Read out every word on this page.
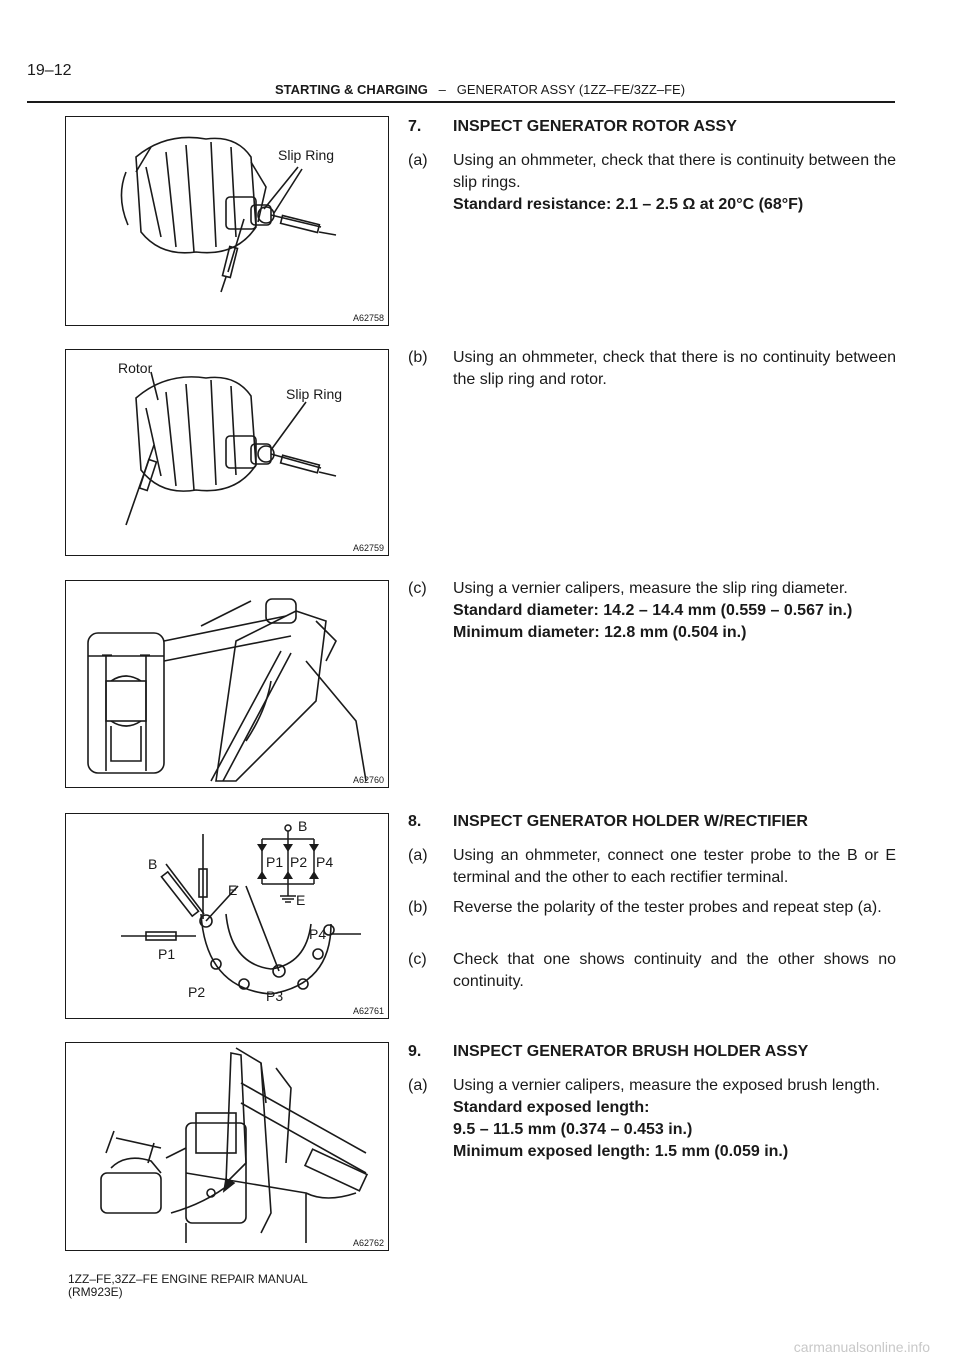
19–12
STARTING & CHARGING – GENERATOR ASSY (1ZZ–FE/3ZZ–FE)
Slip Ring
A62758
Rotor
Slip Ring
A62759
A62760
B
P1 P2 P4
B
E
E
P4
P1
P2	P3
A62761
A62762
7.	INSPECT GENERATOR ROTOR ASSY
(a)	Using an ohmmeter, check that there is continuity between the slip rings.
Standard resistance: 2.1 – 2.5 Ω at 20°C (68°F)
(b)	Using an ohmmeter, check that there is no continuity between the slip ring and rotor.
(c)	Using a vernier calipers, measure the slip ring diameter.
Standard diameter: 14.2 – 14.4 mm (0.559 – 0.567 in.)
Minimum diameter: 12.8 mm (0.504 in.)
8.	INSPECT GENERATOR HOLDER W/RECTIFIER
(a)	Using an ohmmeter, connect one tester probe to the B or E terminal and the other to each rectifier terminal.
(b)	Reverse the polarity of the tester probes and repeat step (a).
(c)	Check that one shows continuity and the other shows no continuity.
9.	INSPECT GENERATOR BRUSH HOLDER ASSY
(a)	Using a vernier calipers, measure the exposed brush length.
Standard exposed length:
9.5 – 11.5 mm (0.374 – 0.453 in.)
Minimum exposed length: 1.5 mm (0.059 in.)
1ZZ–FE,3ZZ–FE ENGINE REPAIR MANUAL
(RM923E)
carmanualsonline.info
